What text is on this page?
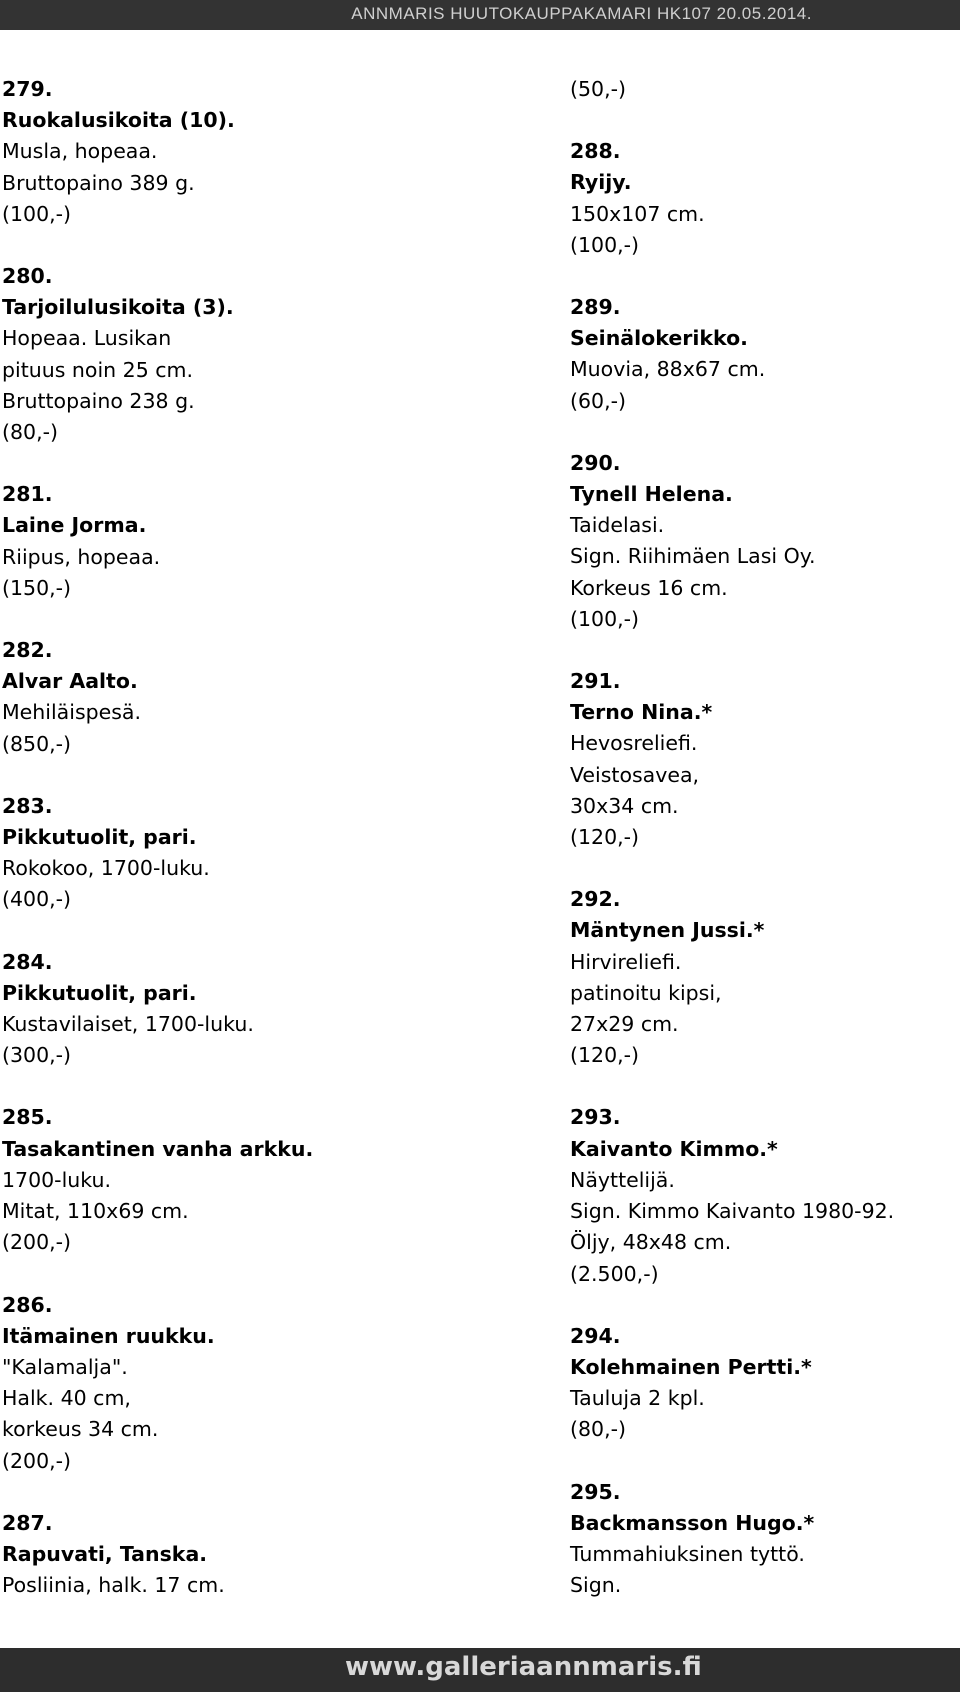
ANNMARIS HUUTOKAUPPAKAMARI HK107 20.05.2014.
279.
Ruokalusikoita (10).
Musla, hopeaa.
Bruttopaino 389 g.
(100,-)
280.
Tarjoilulusikoita (3).
Hopeaa. Lusikan
pituus noin 25 cm.
Bruttopaino 238 g.
(80,-)
281.
Laine Jorma.
Riipus, hopeaa.
(150,-)
282.
Alvar Aalto.
Mehiläispesä.
(850,-)
283.
Pikkutuolit, pari.
Rokokoo, 1700-luku.
(400,-)
284.
Pikkutuolit, pari.
Kustavilaiset, 1700-luku.
(300,-)
285.
Tasakantinen vanha arkku.
1700-luku.
Mitat, 110x69 cm.
(200,-)
286.
Itämainen ruukku.
"Kalamalja".
Halk. 40 cm,
korkeus 34 cm.
(200,-)
287.
Rapuvati, Tanska.
Posliinia, halk. 17 cm.
(50,-)
288.
Ryijy.
150x107 cm.
(100,-)
289.
Seinälokerikko.
Muovia, 88x67 cm.
(60,-)
290.
Tynell Helena.
Taidelasi.
Sign. Riihimäen Lasi Oy.
Korkeus 16 cm.
(100,-)
291.
Terno Nina.*
Hevosreliefi.
Veistosavea,
30x34 cm.
(120,-)
292.
Mäntynen Jussi.*
Hirvireliefi.
patinoitu kipsi,
27x29 cm.
(120,-)
293.
Kaivanto Kimmo.*
Näyttelijä.
Sign. Kimmo Kaivanto 1980-92.
Öljy, 48x48 cm.
(2.500,-)
294.
Kolehmainen Pertti.*
Tauluja 2 kpl.
(80,-)
295.
Backmansson Hugo.*
Tummahiuksinen tyttö.
Sign.
www.galleriaannmaris.fi
